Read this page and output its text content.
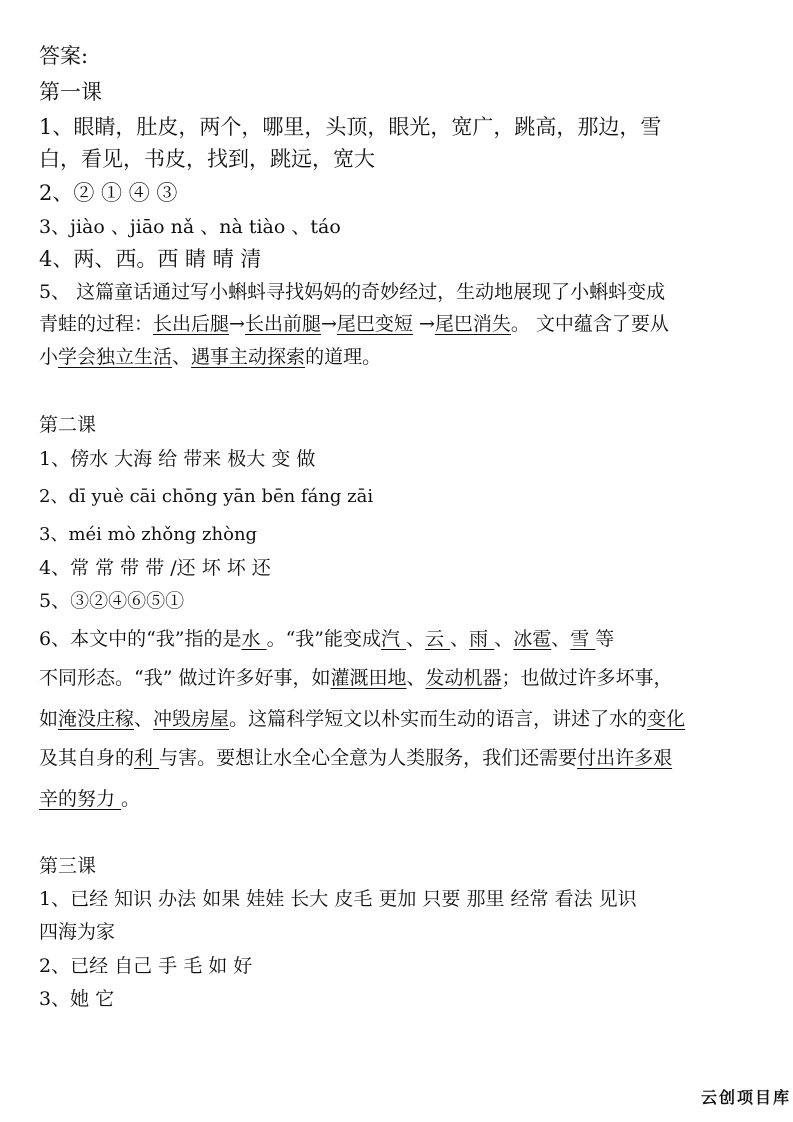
答案:
第一课
1、眼睛，肚皮，两个，哪里，头顶，眼光，宽广，跳高，那边，雪
白，看见，书皮，找到，跳远，宽大
2、② ① ④ ③
3、jiào 、jiāo nǎ 、nà tiào 、táo
4、两、西。西 睛 晴 清
5、 这篇童话通过写小蝌蚪寻找妈妈的奇妙经过，生动地展现了小蝌蚪变成
青蛙的过程：长出后腿→长出前腿→尾巴变短 →尾巴消失。 文中蕴含了要从
小学会独立生活、遇事主动探索的道理。
第二课
1、傍水 大海 给 带来 极大 变 做
2、dī yuè cāi chōng yān bēn fáng zāi
3、méi mò zhǒng zhòng
4、常 常 带 带 /还 坏 坏 还
5、③②④⑥⑤①
6、本文中的“我”指的是水 。“我”能变成汽 、云 、雨 、冰雹、雪 等
不同形态。“我” 做过许多好事，如灌溉田地、发动机器；也做过许多坏事，
如淹没庄稼、冲毁房屋。这篇科学短文以朴实而生动的语言，讲述了水的变化
及其自身的利 与害。要想让水全心全意为人类服务，我们还需要付出许多艰
辛的努力 。
第三课
1、已经 知识 办法 如果 娃娃 长大 皮毛 更加 只要 那里 经常 看法 见识
四海为家
2、已经 自己 手 毛 如 好
3、她 它
云创项目库
